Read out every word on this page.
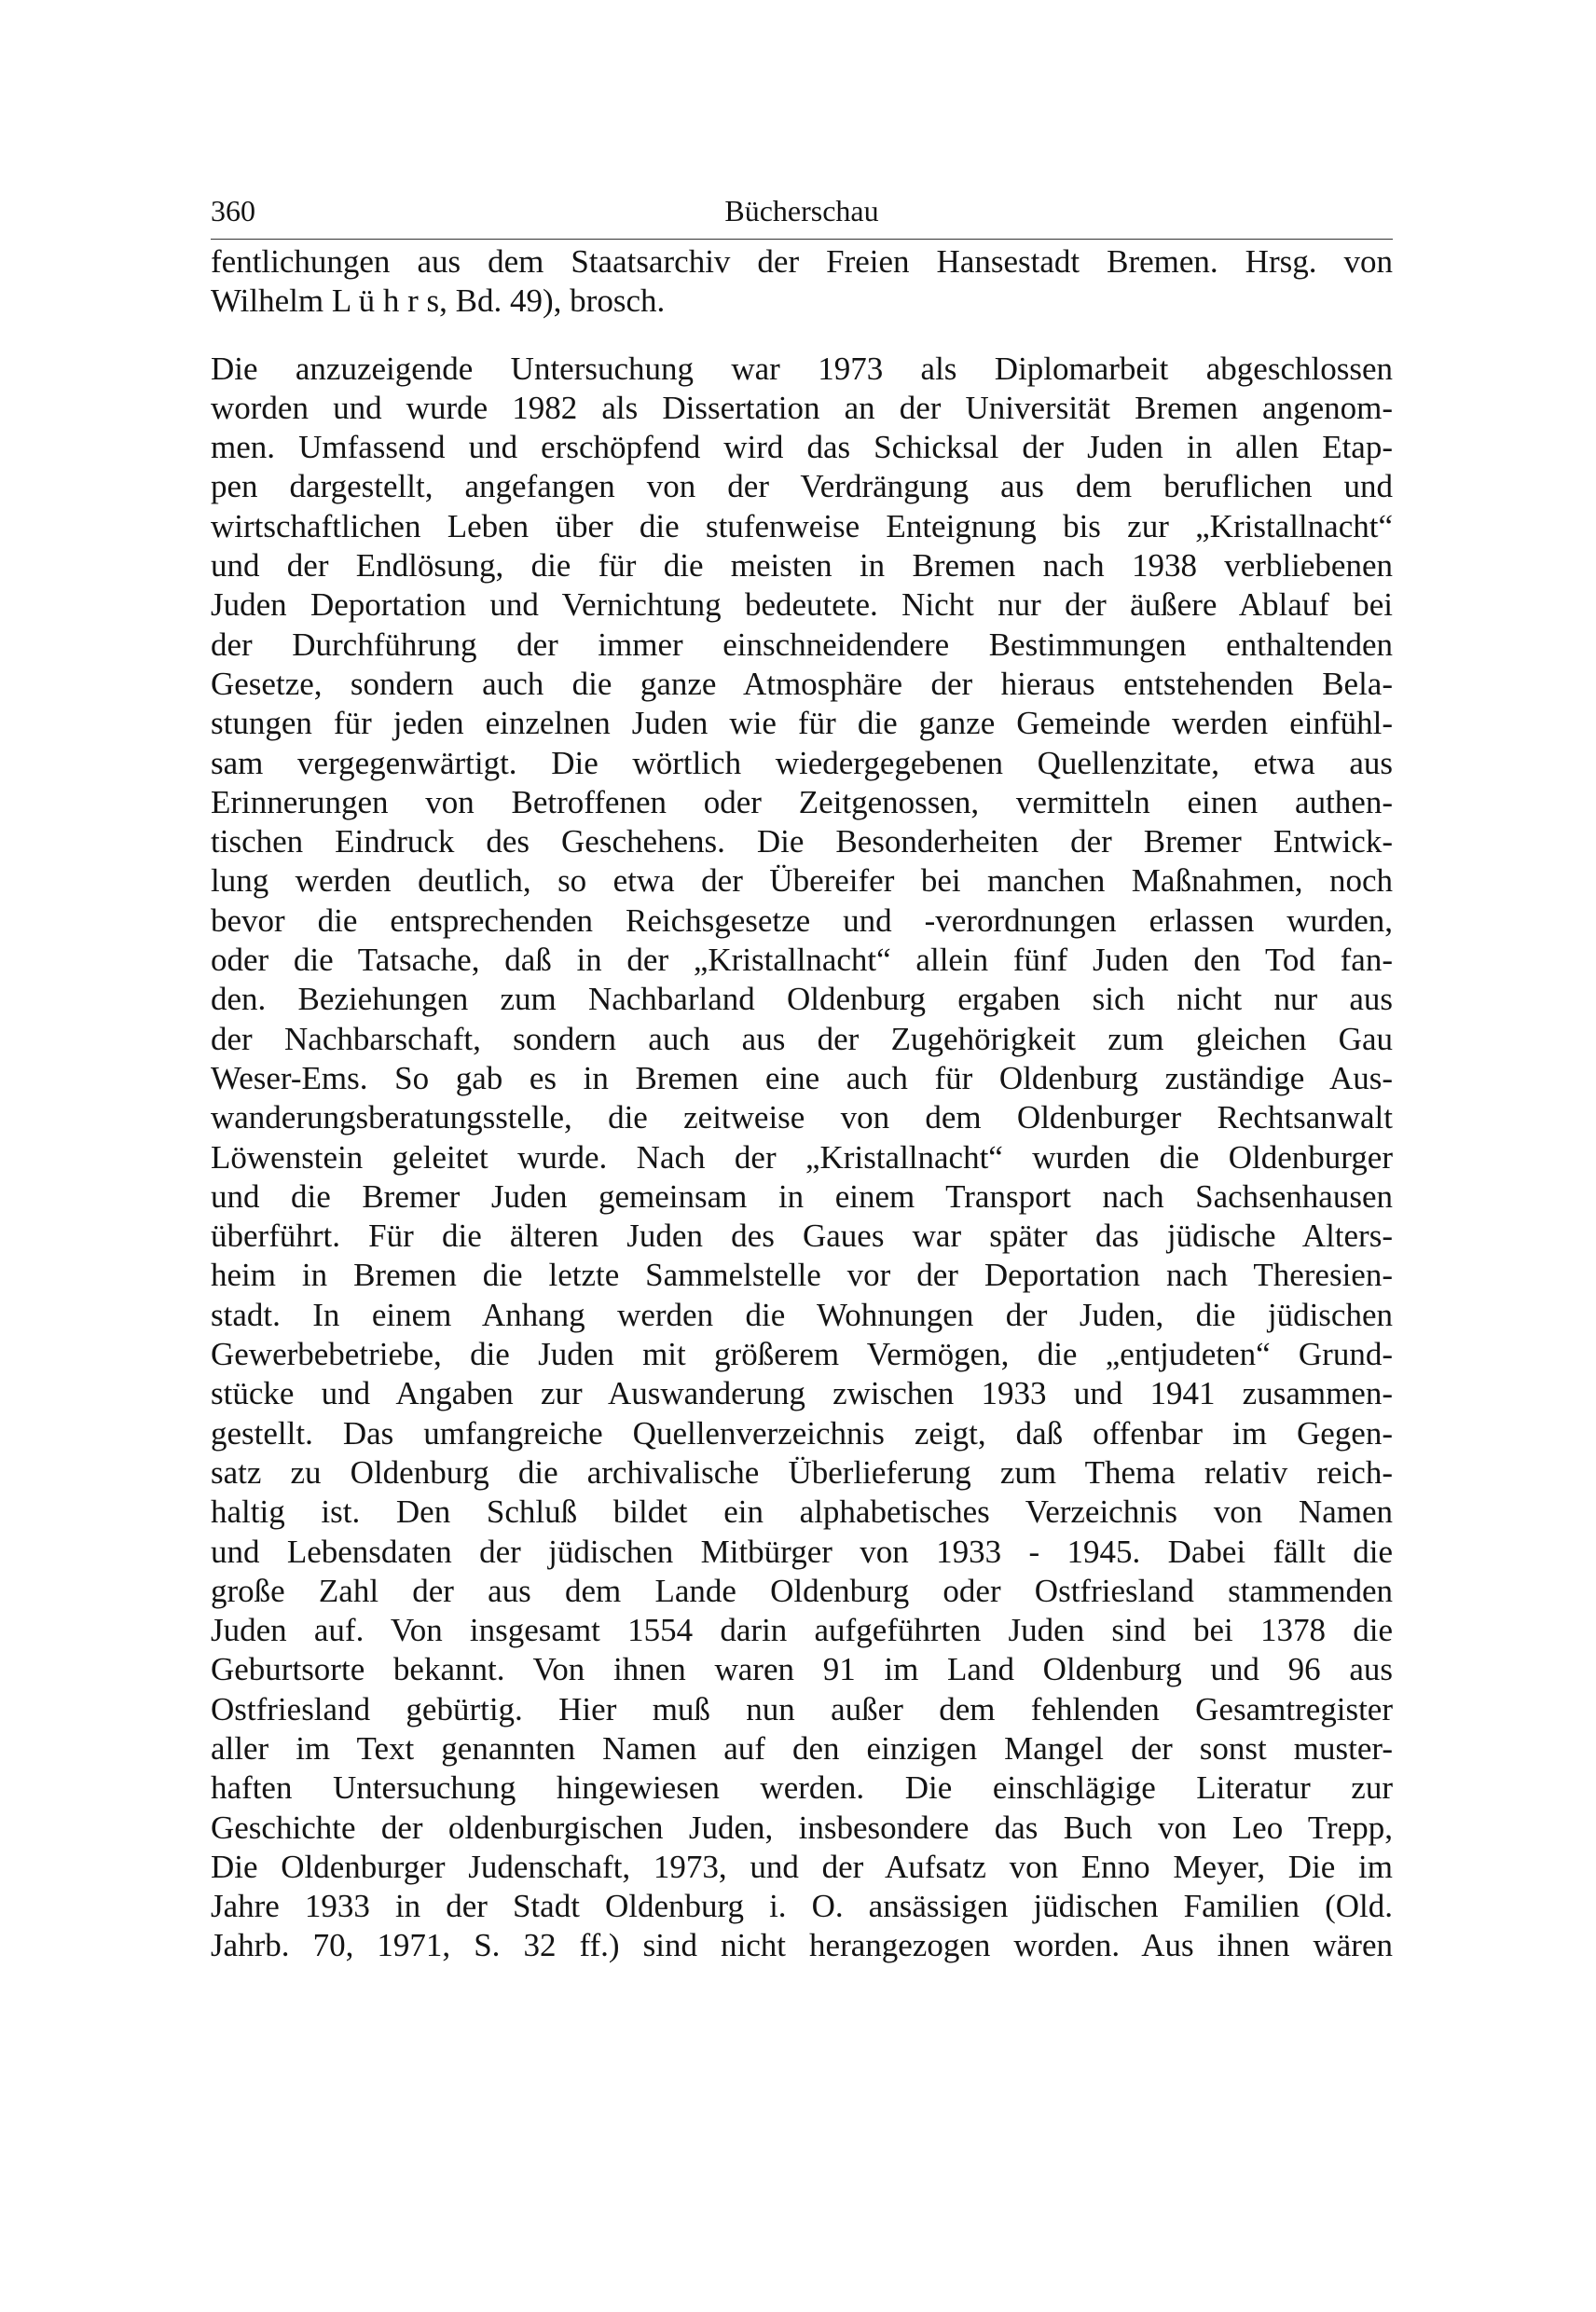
360	Bücherschau
fentlichungen aus dem Staatsarchiv der Freien Hansestadt Bremen. Hrsg. von
Wilhelm L ü h r s, Bd. 49), brosch.
Die anzuzeigende Untersuchung war 1973 als Diplomarbeit abgeschlossen
worden und wurde 1982 als Dissertation an der Universität Bremen angenom-
men. Umfassend und erschöpfend wird das Schicksal der Juden in allen Etap-
pen dargestellt, angefangen von der Verdrängung aus dem beruflichen und
wirtschaftlichen Leben über die stufenweise Enteignung bis zur „Kristallnacht“
und der Endlösung, die für die meisten in Bremen nach 1938 verbliebenen
Juden Deportation und Vernichtung bedeutete. Nicht nur der äußere Ablauf bei
der Durchführung der immer einschneidendere Bestimmungen enthaltenden
Gesetze, sondern auch die ganze Atmosphäre der hieraus entstehenden Bela-
stungen für jeden einzelnen Juden wie für die ganze Gemeinde werden einfühl-
sam vergegenwärtigt. Die wörtlich wiedergegebenen Quellenzitate, etwa aus
Erinnerungen von Betroffenen oder Zeitgenossen, vermitteln einen authen-
tischen Eindruck des Geschehens. Die Besonderheiten der Bremer Entwick-
lung werden deutlich, so etwa der Übereifer bei manchen Maßnahmen, noch
bevor die entsprechenden Reichsgesetze und -verordnungen erlassen wurden,
oder die Tatsache, daß in der „Kristallnacht“ allein fünf Juden den Tod fan-
den. Beziehungen zum Nachbarland Oldenburg ergaben sich nicht nur aus
der Nachbarschaft, sondern auch aus der Zugehörigkeit zum gleichen Gau
Weser-Ems. So gab es in Bremen eine auch für Oldenburg zuständige Aus-
wanderungsberatungsstelle, die zeitweise von dem Oldenburger Rechtsanwalt
Löwenstein geleitet wurde. Nach der „Kristallnacht“ wurden die Oldenburger
und die Bremer Juden gemeinsam in einem Transport nach Sachsenhausen
überführt. Für die älteren Juden des Gaues war später das jüdische Alters-
heim in Bremen die letzte Sammelstelle vor der Deportation nach Theresien-
stadt. In einem Anhang werden die Wohnungen der Juden, die jüdischen
Gewerbebetriebe, die Juden mit größerem Vermögen, die „entjudeten“ Grund-
stücke und Angaben zur Auswanderung zwischen 1933 und 1941 zusammen-
gestellt. Das umfangreiche Quellenverzeichnis zeigt, daß offenbar im Gegen-
satz zu Oldenburg die archivalische Überlieferung zum Thema relativ reich-
haltig ist. Den Schluß bildet ein alphabetisches Verzeichnis von Namen
und Lebensdaten der jüdischen Mitbürger von 1933 - 1945. Dabei fällt die
große Zahl der aus dem Lande Oldenburg oder Ostfriesland stammenden
Juden auf. Von insgesamt 1554 darin aufgeführten Juden sind bei 1378 die
Geburtsorte bekannt. Von ihnen waren 91 im Land Oldenburg und 96 aus
Ostfriesland gebürtig. Hier muß nun außer dem fehlenden Gesamtregister
aller im Text genannten Namen auf den einzigen Mangel der sonst muster-
haften Untersuchung hingewiesen werden. Die einschlägige Literatur zur
Geschichte der oldenburgischen Juden, insbesondere das Buch von Leo Trepp,
Die Oldenburger Judenschaft, 1973, und der Aufsatz von Enno Meyer, Die im
Jahre 1933 in der Stadt Oldenburg i. O. ansässigen jüdischen Familien (Old.
Jahrb. 70, 1971, S. 32 ff.) sind nicht herangezogen worden. Aus ihnen wären
